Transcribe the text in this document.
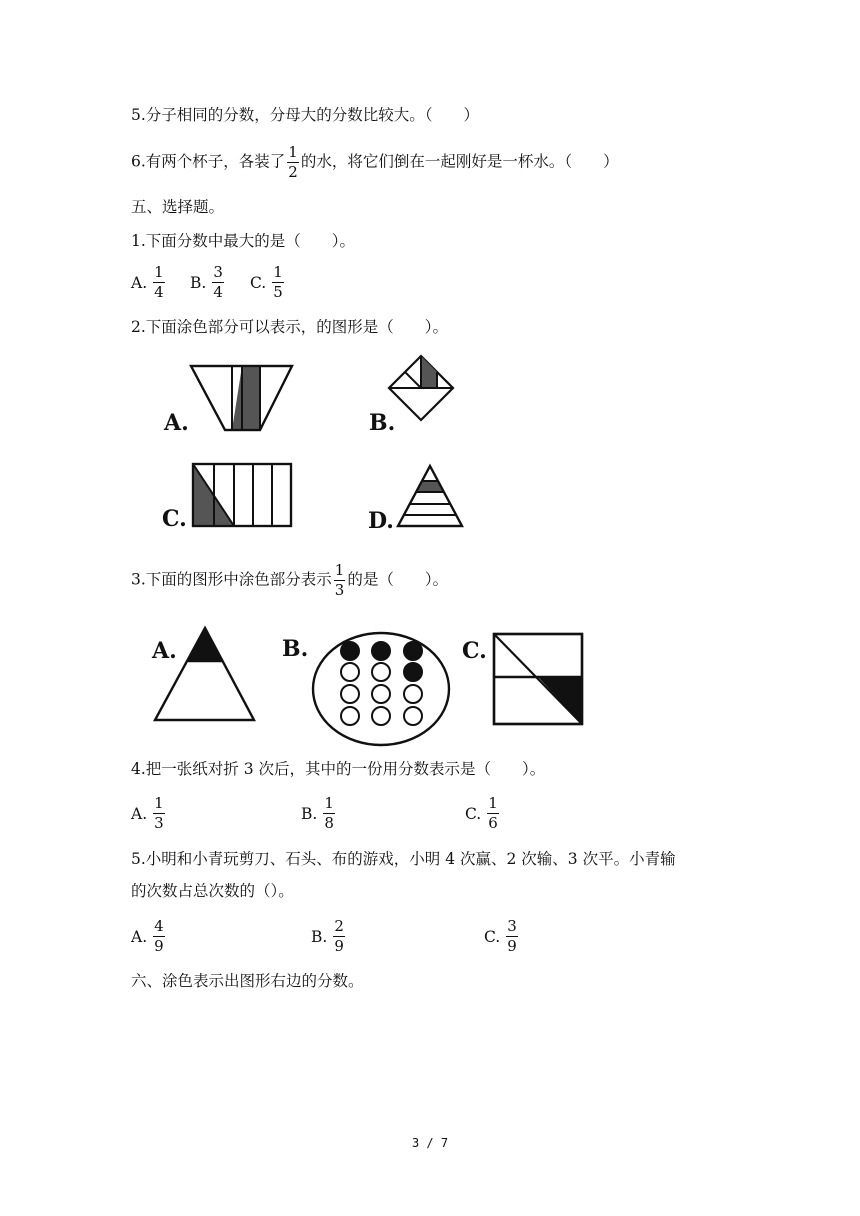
5.分子相同的分数，分母大的分数比较大。（　　）
6.有两个杯子，各装了 $\frac{1}{2}$ 的水，将它们倒在一起刚好是一杯水。（　　）
五、选择题。
1.下面分数中最大的是（　　）。
A. $\frac{1}{4} B$. $\frac{3}{4} C$. $\frac{1}{5}$
2.下面涂色部分可以表示，的图形是（　　）。
A.	B.
C.	D.
3.下面的图形中涂色部分表示 $\frac{1}{3}$ 的是（　　）。
A.	B.	C.
4.把一张纸对折 3 次后，其中的一份用分数表示是（　　）。
A. $\frac{1}{3}$	B. $\frac{1}{8}$	C. $\frac{1}{6}$
5.小明和小青玩剪刀、石头、布的游戏，小明 4 次赢、2 次输、3 次平。小青输
的次数占总次数的（）。
A. $\frac{4}{9}$	B. $\frac{2}{9}$	C. $\frac{3}{9}$
六、涂色表示出图形右边的分数。
3 / 7
